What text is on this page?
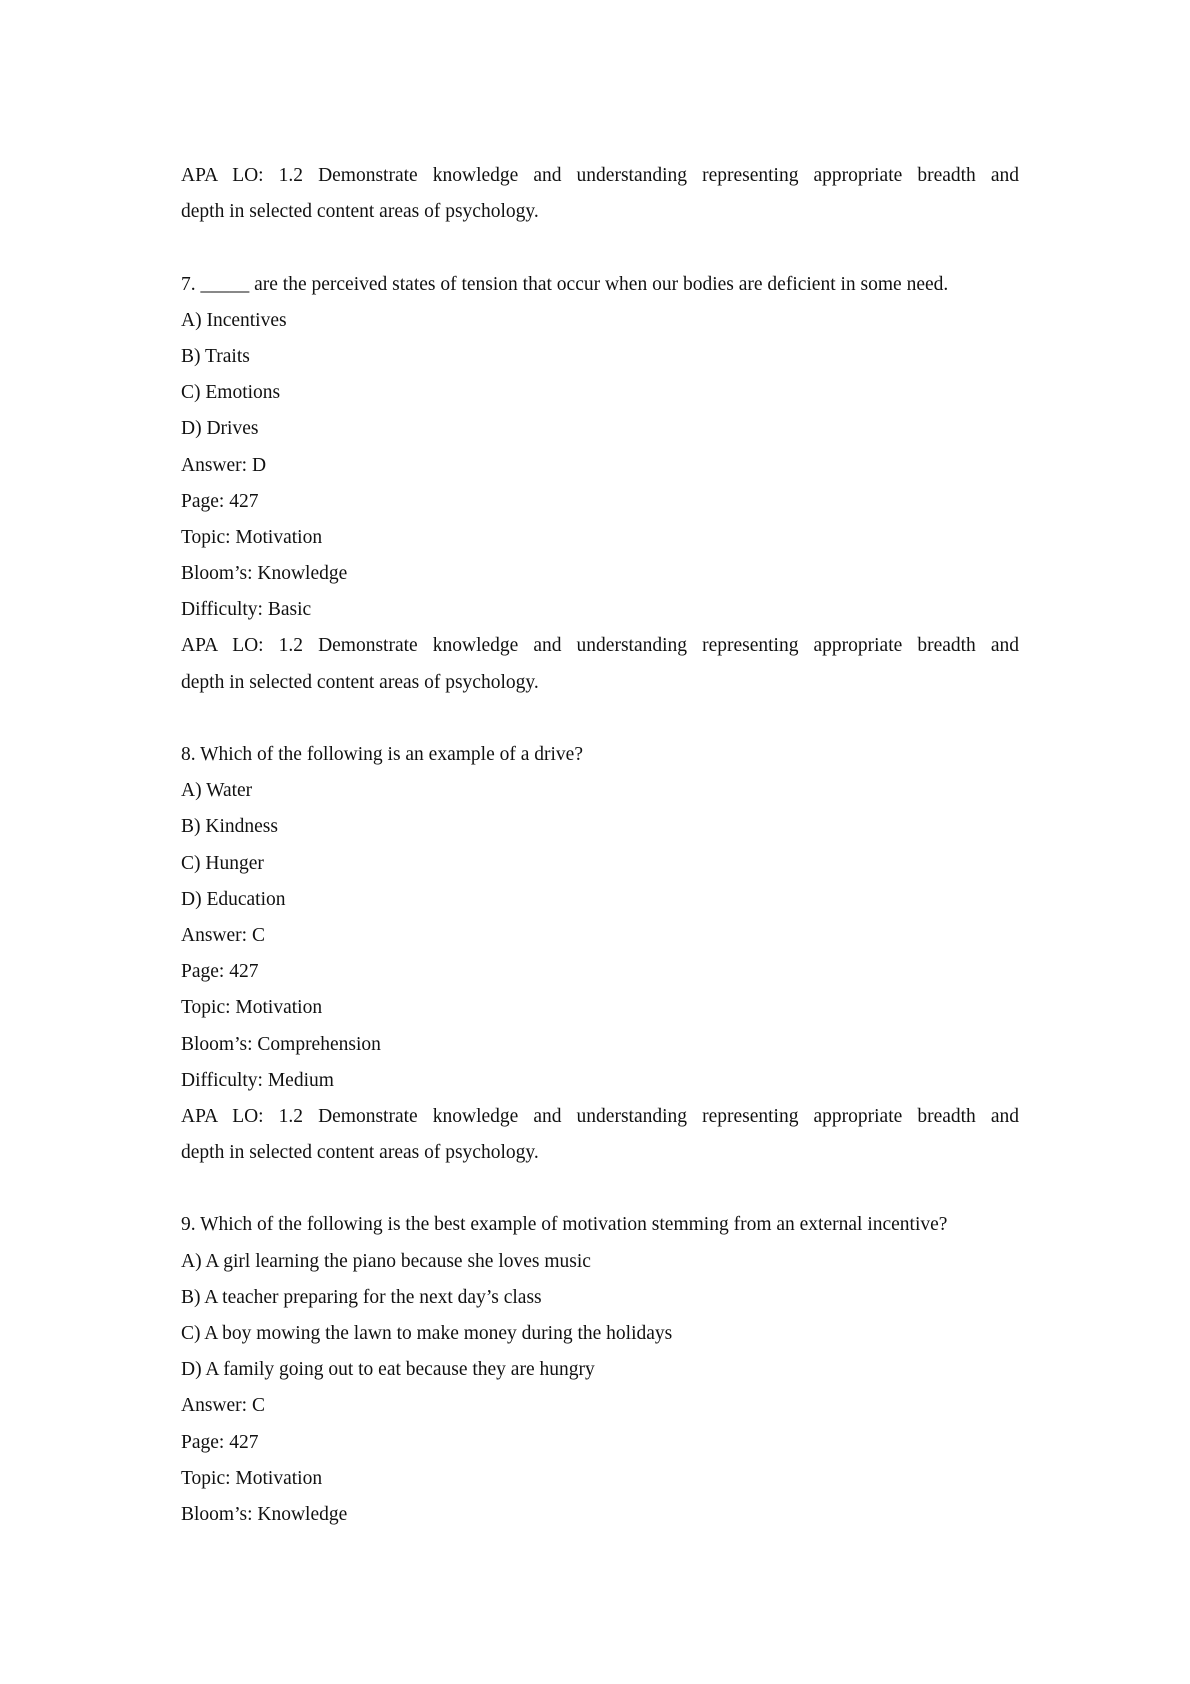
APA LO: 1.2 Demonstrate knowledge and understanding representing appropriate breadth and
depth in selected content areas of psychology.
7. _____ are the perceived states of tension that occur when our bodies are deficient in some need.
A) Incentives
B) Traits
C) Emotions
D) Drives
Answer: D
Page: 427
Topic: Motivation
Bloom’s: Knowledge
Difficulty: Basic
APA LO: 1.2 Demonstrate knowledge and understanding representing appropriate breadth and
depth in selected content areas of psychology.
8. Which of the following is an example of a drive?
A) Water
B) Kindness
C) Hunger
D) Education
Answer: C
Page: 427
Topic: Motivation
Bloom’s: Comprehension
Difficulty: Medium
APA LO: 1.2 Demonstrate knowledge and understanding representing appropriate breadth and
depth in selected content areas of psychology.
9. Which of the following is the best example of motivation stemming from an external incentive?
A) A girl learning the piano because she loves music
B) A teacher preparing for the next day’s class
C) A boy mowing the lawn to make money during the holidays
D) A family going out to eat because they are hungry
Answer: C
Page: 427
Topic: Motivation
Bloom’s: Knowledge
